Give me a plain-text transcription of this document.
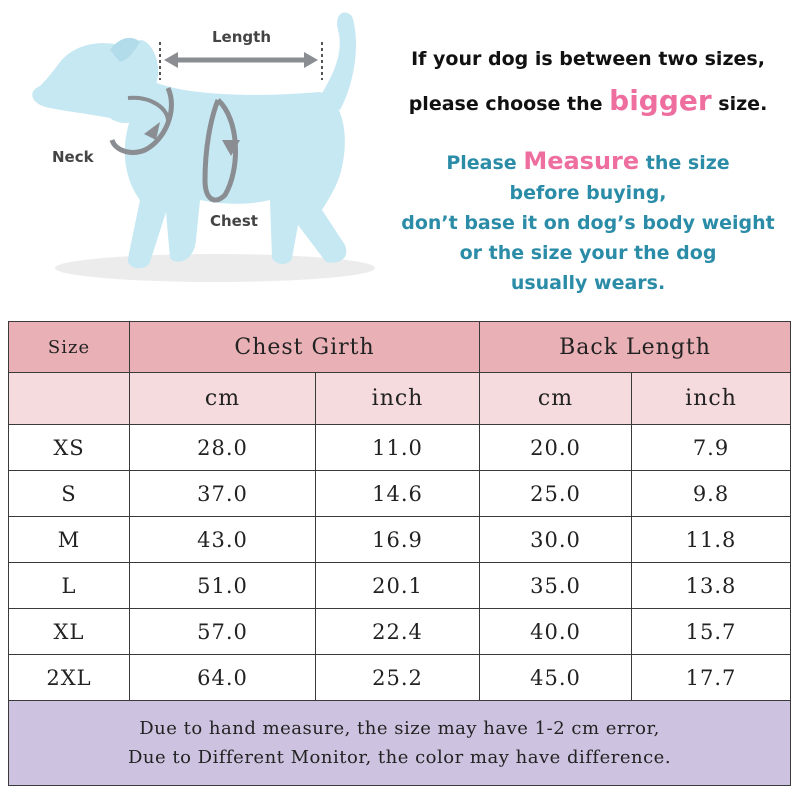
Length
Neck
Chest
If your dog is between two sizes,
please choose the bigger size.
Please Measure the size
before buying,
don’t base it on dog’s body weight
or the size your the dog
usually wears.
Size	Chest Girth		Back Length	
	cm	inch	cm	inch
XS	28.0	11.0	20.0	7.9
S	37.0	14.6	25.0	9.8
M	43.0	16.9	30.0	11.8
L	51.0	20.1	35.0	13.8
XL	57.0	22.4	40.0	15.7
2XL	64.0	25.2	45.0	17.7

Due to hand measure, the size may have 1-2 cm error,
Due to Different Monitor, the color may have difference.				
